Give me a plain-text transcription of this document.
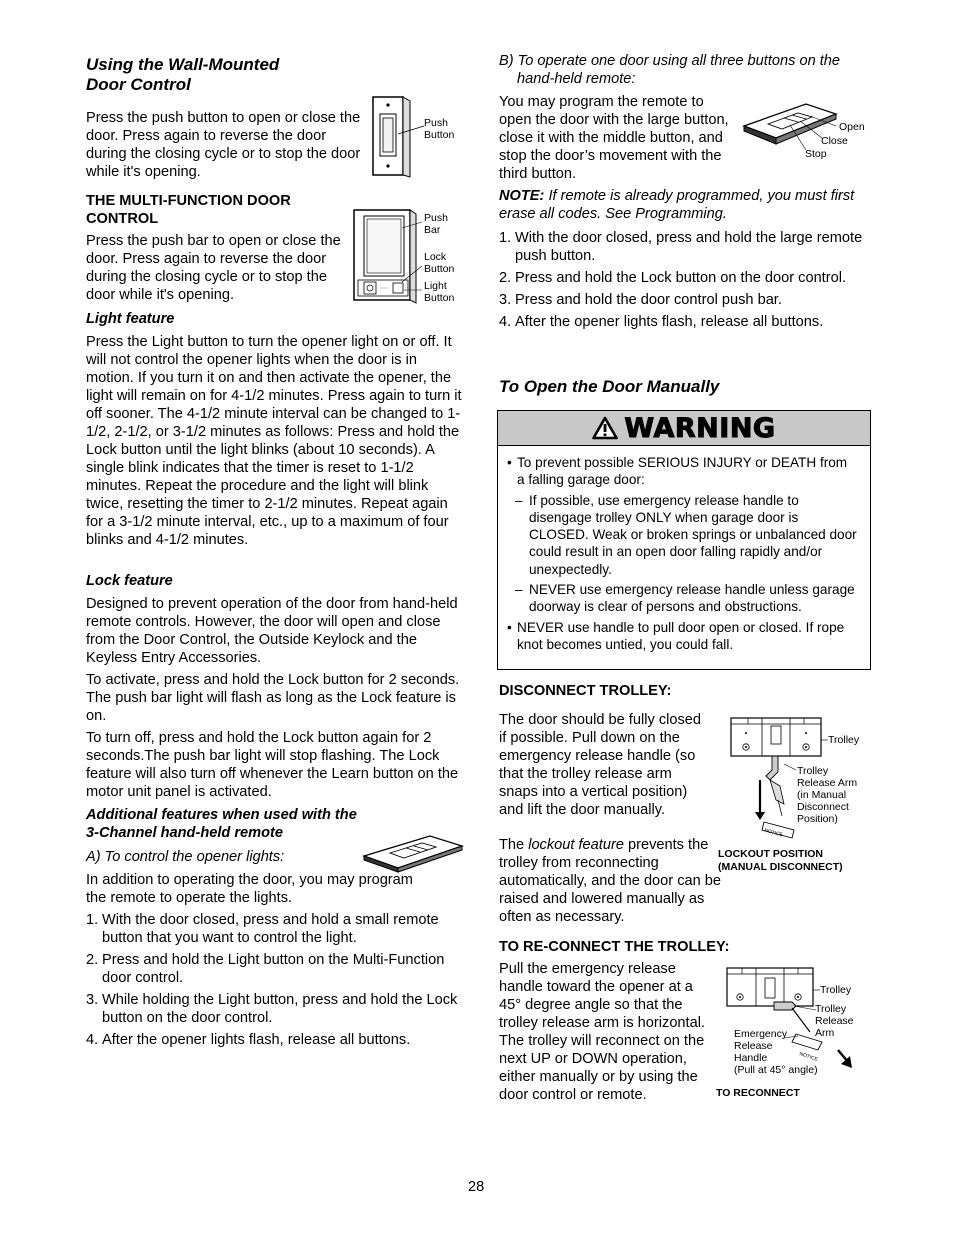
Using the Wall-Mounted
Door Control
Press the push button to open or close the door. Press again to reverse the door during the closing cycle or to stop the door while it's opening.
Push
Button
THE MULTI-FUNCTION DOOR CONTROL
Press the push bar to open or close the door. Press again to reverse the door during the closing cycle or to stop the door while it's opening.
Push
Bar
Lock
Button
Light
Button
Light feature
Press the Light button to turn the opener light on or off. It will not control the opener lights when the door is in motion. If you turn it on and then activate the opener, the light will remain on for 4-1/2 minutes. Press again to turn it off sooner. The 4-1/2 minute interval can be changed to 1-1/2, 2-1/2, or 3-1/2 minutes as follows: Press and hold the Lock button until the light blinks (about 10 seconds). A single blink indicates that the timer is reset to 1-1/2 minutes. Repeat the procedure and the light will blink twice, resetting the timer to 2-1/2 minutes. Repeat again for a 3-1/2 minute interval, etc., up to a maximum of four blinks and 4-1/2 minutes.
Lock feature
Designed to prevent operation of the door from hand-held remote controls. However, the door will open and close from the Door Control, the Outside Keylock and the Keyless Entry Accessories.
To activate, press and hold the Lock button for 2 seconds. The push bar light will flash as long as the Lock feature is on.
To turn off, press and hold the Lock button again for 2 seconds.The push bar light will stop flashing. The Lock feature will also turn off whenever the Learn button on the motor unit panel is activated.
Additional features when used with the
3-Channel hand-held remote
A) To control the opener lights:
In addition to operating the door, you may program the remote to operate the lights.
1. With the door closed, press and hold a small remote button that you want to control the light.
2. Press and hold the Light button on the Multi-Function door control.
3. While holding the Light button, press and hold the Lock button on the door control.
4. After the opener lights flash, release all buttons.
B) To operate one door using all three buttons on the
hand-held remote:
You may program the remote to open the door with the large button, close it with the middle button, and stop the door’s movement with the third button.
Open
Close
Stop
NOTE: If remote is already programmed, you must first erase all codes. See Programming.
1. With the door closed, press and hold the large remote push button.
2. Press and hold the Lock button on the door control.
3. Press and hold the door control push bar.
4. After the opener lights flash, release all buttons.
To Open the Door Manually
WARNING
• To prevent possible SERIOUS INJURY or DEATH from a falling garage door:
– If possible, use emergency release handle to disengage trolley ONLY when garage door is CLOSED. Weak or broken springs or unbalanced door could result in an open door falling rapidly and/or unexpectedly.
– NEVER use emergency release handle unless garage doorway is clear of persons and obstructions.
• NEVER use handle to pull door open or closed. If rope knot becomes untied, you could fall.
DISCONNECT TROLLEY:
The door should be fully closed if possible. Pull down on the emergency release handle (so that the trolley release arm snaps into a vertical position) and lift the door manually.
The lockout feature prevents the trolley from reconnecting automatically, and the door can be raised and lowered manually as often as necessary.
NOTICE
Trolley
Trolley
Release Arm
(in Manual
Disconnect
Position)
LOCKOUT POSITION
(MANUAL DISCONNECT)
TO RE-CONNECT THE TROLLEY:
Pull the emergency release handle toward the opener at a 45° degree angle so that the trolley release arm is horizontal. The trolley will reconnect on the next UP or DOWN operation, either manually or by using the door control or remote.
NOTICE
Trolley
Trolley
Release
Arm
Emergency
Release
Handle
(Pull at 45° angle)
TO RECONNECT
28
